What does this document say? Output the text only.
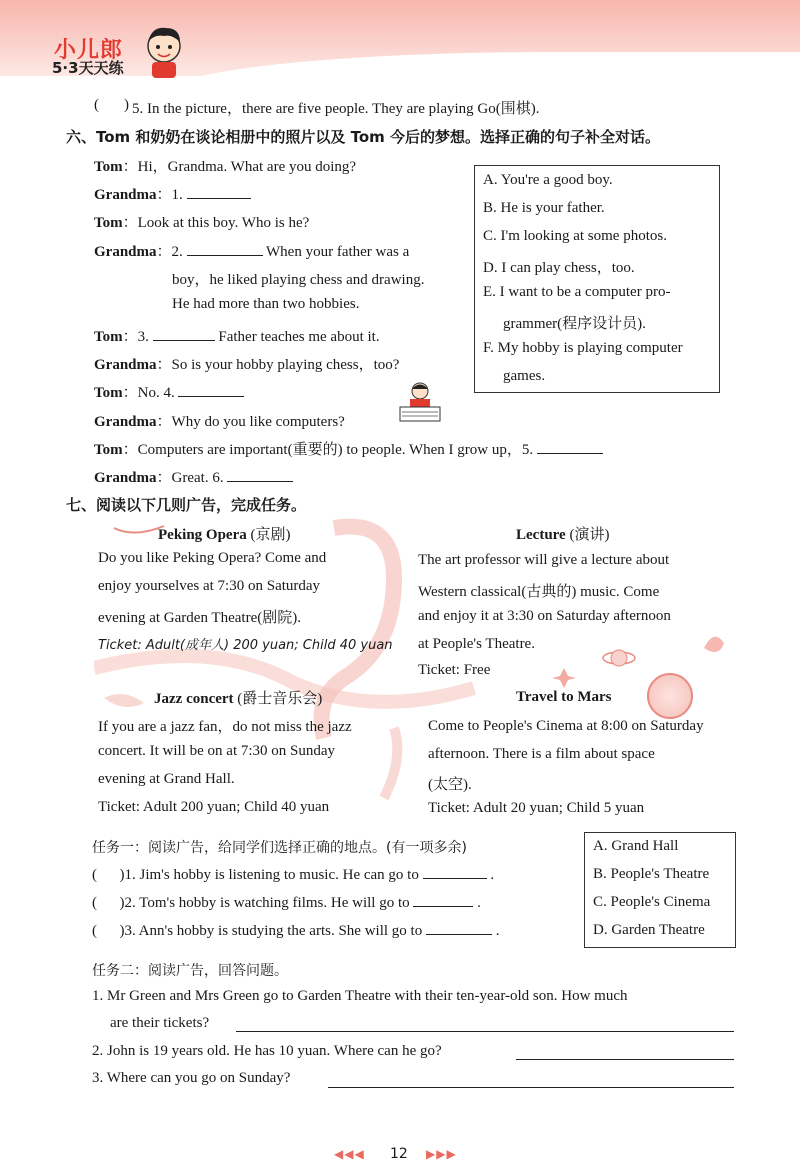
小儿郎
5·3天天练
( ) 5. In the picture，there are five people. They are playing Go(围棋).
六、Tom 和奶奶在谈论相册中的照片以及 Tom 今后的梦想。选择正确的句子补全对话。
Tom：Hi，Grandma. What are you doing?
Grandma：1.
Tom：Look at this boy. Who is he?
Grandma：2.	When your father was a
boy，he liked playing chess and drawing.
He had more than two hobbies.
Tom：3.	Father teaches me about it.
Grandma：So is your hobby playing chess，too?
Tom：No. 4.
Grandma：Why do you like computers?
Tom：Computers are important(重要的) to people. When I grow up，5.
Grandma：Great. 6.
A. You're a good boy.
B. He is your father.
C. I'm looking at some photos.
D. I can play chess，too.
E. I want to be a computer pro-
grammer(程序设计员).
F. My hobby is playing computer
games.
七、阅读以下几则广告，完成任务。
Peking Opera (京剧)
Do you like Peking Opera? Come and
enjoy yourselves at 7:30 on Saturday
evening at Garden Theatre(剧院).
Ticket: Adult(成年人) 200 yuan; Child 40 yuan
Lecture (演讲)
The art professor will give a lecture about
Western classical(古典的) music. Come
and enjoy it at 3:30 on Saturday afternoon
at People's Theatre.
Ticket: Free
Jazz concert (爵士音乐会)
If you are a jazz fan，do not miss the jazz
concert. It will be on at 7:30 on Sunday
evening at Grand Hall.
Ticket: Adult 200 yuan; Child 40 yuan
Travel to Mars
Come to People's Cinema at 8:00 on Saturday
afternoon. There is a film about space
(太空).
Ticket: Adult 20 yuan; Child 5 yuan
任务一：阅读广告，给同学们选择正确的地点。(有一项多余)
(      )1. Jim's hobby is listening to music. He can go to	.
(      )2. Tom's hobby is watching films. He will go to	.
(      )3. Ann's hobby is studying the arts. She will go to	.
A. Grand Hall
B. People's Theatre
C. People's Cinema
D. Garden Theatre
任务二：阅读广告，回答问题。
1. Mr Green and Mrs Green go to Garden Theatre with their ten-year-old son. How much
are their tickets?
2. John is 19 years old. He has 10 yuan. Where can he go?
3. Where can you go on Sunday?
◀◀◀ 12 ▶▶▶
